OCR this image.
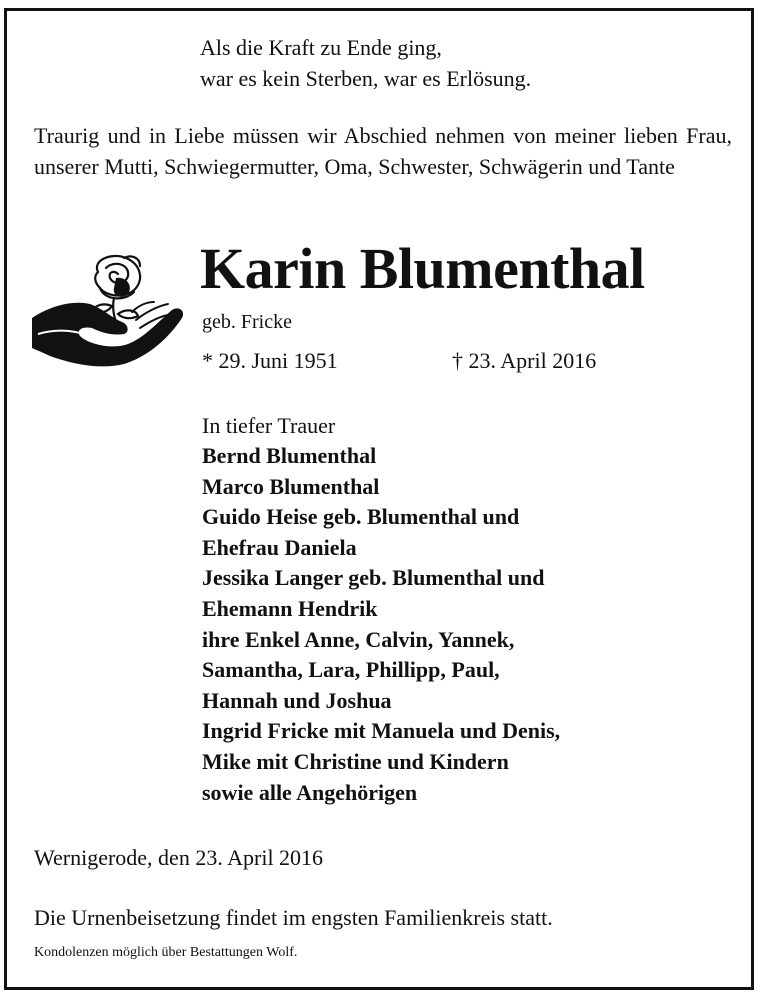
Als die Kraft zu Ende ging,
war es kein Sterben, war es Erlösung.
Traurig und in Liebe müssen wir Abschied nehmen von meiner lieben Frau, unserer Mutti, Schwiegermutter, Oma, Schwester, Schwägerin und Tante
Karin Blumenthal
geb. Fricke
* 29. Juni 1951	† 23. April 2016
In tiefer Trauer
Bernd Blumenthal
Marco Blumenthal
Guido Heise geb. Blumenthal und
Ehefrau Daniela
Jessika Langer geb. Blumenthal und
Ehemann Hendrik
ihre Enkel Anne, Calvin, Yannek,
Samantha, Lara, Phillipp, Paul,
Hannah und Joshua
Ingrid Fricke mit Manuela und Denis,
Mike mit Christine und Kindern
sowie alle Angehörigen
Wernigerode, den 23. April 2016
Die Urnenbeisetzung findet im engsten Familienkreis statt.
Kondolenzen möglich über Bestattungen Wolf.
